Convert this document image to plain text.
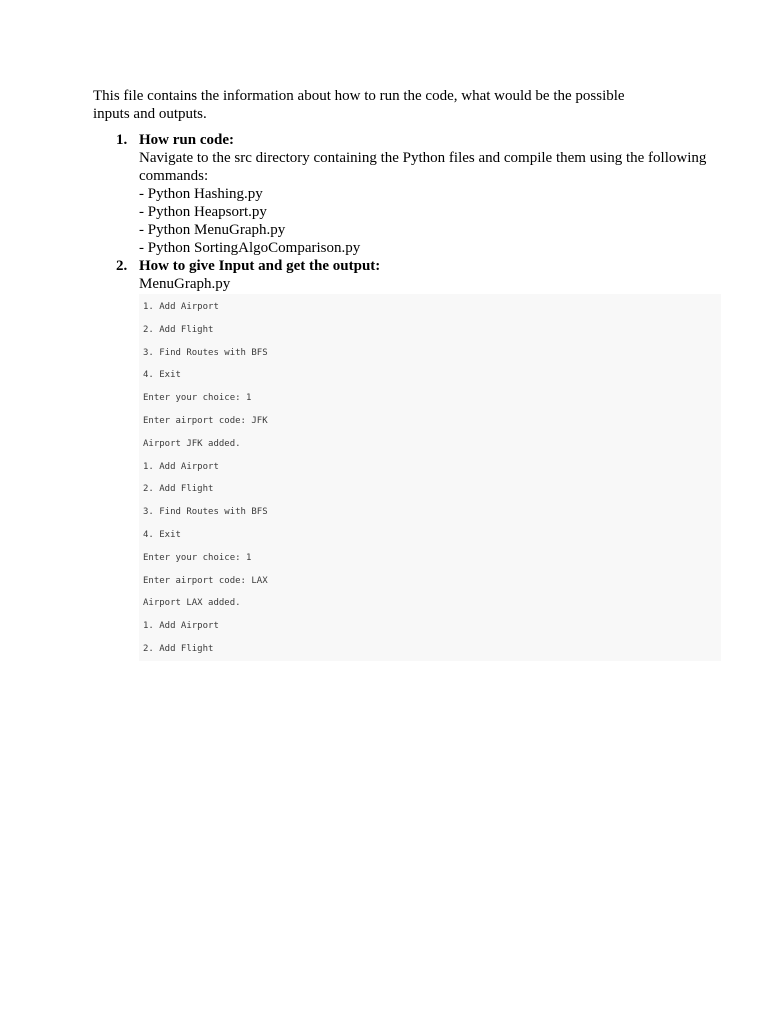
This file contains the information about how to run the code, what would be the possible inputs and outputs.

1. How run code:
Navigate to the src directory containing the Python files and compile them using the following commands:
- Python Hashing.py
- Python Heapsort.py
- Python MenuGraph.py
- Python SortingAlgoComparison.py
2. How to give Input and get the output:
MenuGraph.py
1. Add Airport
2. Add Flight
3. Find Routes with BFS
4. Exit
Enter your choice: 1
Enter airport code: JFK
Airport JFK added.
1. Add Airport
2. Add Flight
3. Find Routes with BFS
4. Exit
Enter your choice: 1
Enter airport code: LAX
Airport LAX added.
1. Add Airport
2. Add Flight
